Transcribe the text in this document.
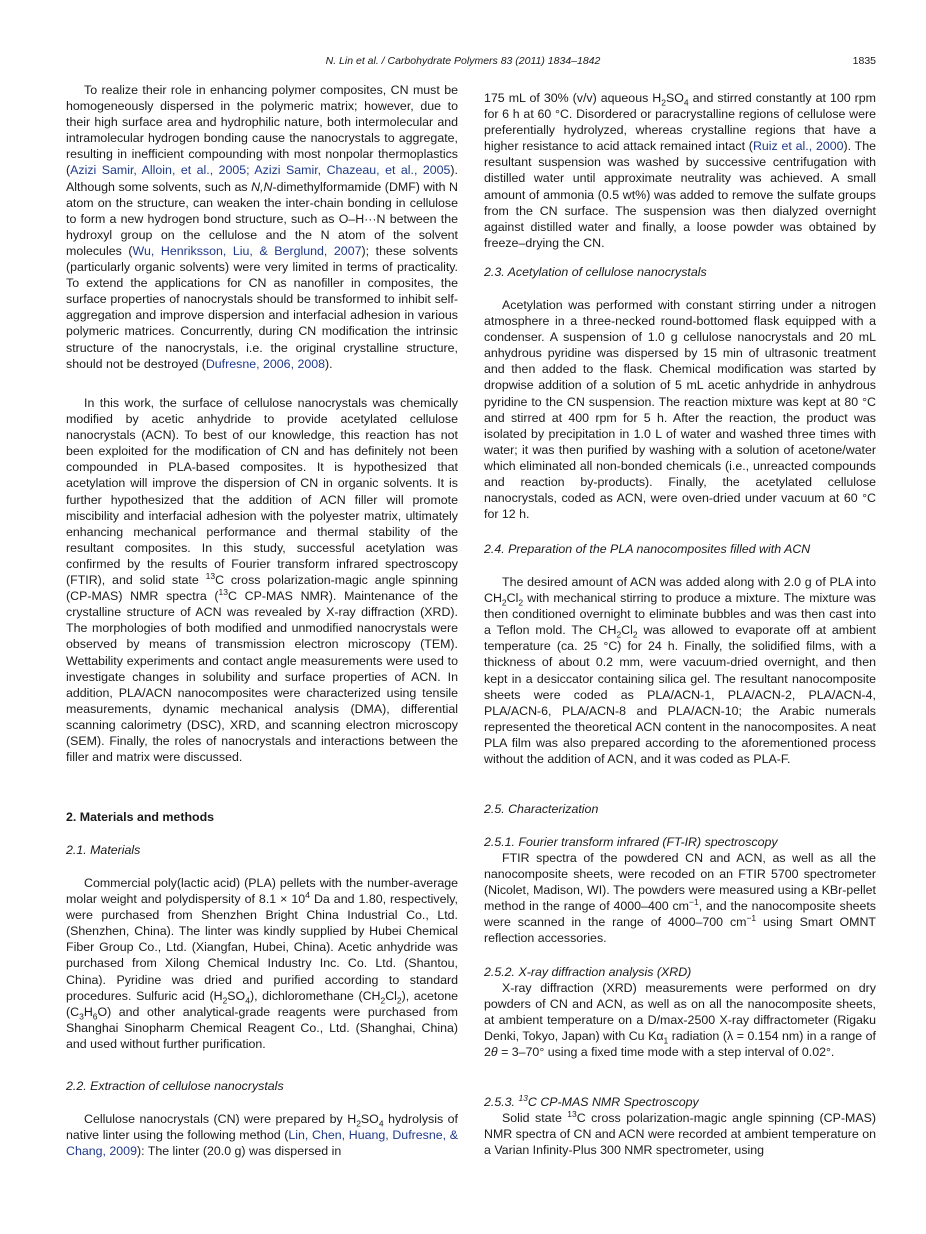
N. Lin et al. / Carbohydrate Polymers 83 (2011) 1834–1842	1835

To realize their role in enhancing polymer composites, CN must be homogeneously dispersed in the polymeric matrix; however, due to their high surface area and hydrophilic nature, both intermolecular and intramolecular hydrogen bonding cause the nanocrystals to aggregate, resulting in inefficient compounding with most nonpolar thermoplastics (Azizi Samir, Alloin, et al., 2005; Azizi Samir, Chazeau, et al., 2005). Although some solvents, such as N,N-dimethylformamide (DMF) with N atom on the structure, can weaken the inter-chain bonding in cellulose to form a new hydrogen bond structure, such as O–H···N between the hydroxyl group on the cellulose and the N atom of the solvent molecules (Wu, Henriksson, Liu, & Berglund, 2007); these solvents (particularly organic solvents) were very limited in terms of practicality. To extend the applications for CN as nanofiller in composites, the surface properties of nanocrystals should be transformed to inhibit self-aggregation and improve dispersion and interfacial adhesion in various polymeric matrices. Concurrently, during CN modification the intrinsic structure of the nanocrystals, i.e. the original crystalline structure, should not be destroyed (Dufresne, 2006, 2008).

In this work, the surface of cellulose nanocrystals was chemically modified by acetic anhydride to provide acetylated cellulose nanocrystals (ACN). To best of our knowledge, this reaction has not been exploited for the modification of CN and has definitely not been compounded in PLA-based composites. It is hypothesized that acetylation will improve the dispersion of CN in organic solvents. It is further hypothesized that the addition of ACN filler will promote miscibility and interfacial adhesion with the polyester matrix, ultimately enhancing mechanical performance and thermal stability of the resultant composites. In this study, successful acetylation was confirmed by the results of Fourier transform infrared spectroscopy (FTIR), and solid state $^{13}$C cross polarization-magic angle spinning (CP-MAS) NMR spectra ($^{13}$C CP-MAS NMR). Maintenance of the crystalline structure of ACN was revealed by X-ray diffraction (XRD). The morphologies of both modified and unmodified nanocrystals were observed by means of transmission electron microscopy (TEM). Wettability experiments and contact angle measurements were used to investigate changes in solubility and surface properties of ACN. In addition, PLA/ACN nanocomposites were characterized using tensile measurements, dynamic mechanical analysis (DMA), differential scanning calorimetry (DSC), XRD, and scanning electron microscopy (SEM). Finally, the roles of nanocrystals and interactions between the filler and matrix were discussed.

2. Materials and methods
2.1. Materials

Commercial poly(lactic acid) (PLA) pellets with the number-average molar weight and polydispersity of $8.1 \times 10^4$ Da and 1.80, respectively, were purchased from Shenzhen Bright China Industrial Co., Ltd. (Shenzhen, China). The linter was kindly supplied by Hubei Chemical Fiber Group Co., Ltd. (Xiangfan, Hubei, China). Acetic anhydride was purchased from Xilong Chemical Industry Inc. Co. Ltd. (Shantou, China). Pyridine was dried and purified according to standard procedures. Sulfuric acid $(H_2SO_4)$, dichloromethane $(CH_2Cl_2)$, acetone $(C_3H_6O)$ and other analytical-grade reagents were purchased from Shanghai Sinopharm Chemical Reagent Co., Ltd. (Shanghai, China) and used without further purification.

2.2. Extraction of cellulose nanocrystals

Cellulose nanocrystals (CN) were prepared by $H_2SO_4$ hydrolysis of native linter using the following method (Lin, Chen, Huang, Dufresne, & Chang, 2009): The linter (20.0 g) was dispersed in

175 mL of 30% (v/v) aqueous $H_2SO_4$ and stirred constantly at 100 rpm for 6 h at 60 °C. Disordered or paracrystalline regions of cellulose were preferentially hydrolyzed, whereas crystalline regions that have a higher resistance to acid attack remained intact (Ruiz et al., 2000). The resultant suspension was washed by successive centrifugation with distilled water until approximate neutrality was achieved. A small amount of ammonia (0.5 wt%) was added to remove the sulfate groups from the CN surface. The suspension was then dialyzed overnight against distilled water and finally, a loose powder was obtained by freeze–drying the CN.

2.3. Acetylation of cellulose nanocrystals

Acetylation was performed with constant stirring under a nitrogen atmosphere in a three-necked round-bottomed flask equipped with a condenser. A suspension of 1.0 g cellulose nanocrystals and 20 mL anhydrous pyridine was dispersed by 15 min of ultrasonic treatment and then added to the flask. Chemical modification was started by dropwise addition of a solution of 5 mL acetic anhydride in anhydrous pyridine to the CN suspension. The reaction mixture was kept at 80 °C and stirred at 400 rpm for 5 h. After the reaction, the product was isolated by precipitation in 1.0 L of water and washed three times with water; it was then purified by washing with a solution of acetone/water which eliminated all non-bonded chemicals (i.e., unreacted compounds and reaction by-products). Finally, the acetylated cellulose nanocrystals, coded as ACN, were oven-dried under vacuum at 60 °C for 12 h.

2.4. Preparation of the PLA nanocomposites filled with ACN

The desired amount of ACN was added along with 2.0 g of PLA into $CH_2Cl_2$ with mechanical stirring to produce a mixture. The mixture was then conditioned overnight to eliminate bubbles and was then cast into a Teflon mold. The $CH_2Cl_2$ was allowed to evaporate off at ambient temperature (ca. 25 °C) for 24 h. Finally, the solidified films, with a thickness of about 0.2 mm, were vacuum-dried overnight, and then kept in a desiccator containing silica gel. The resultant nanocomposite sheets were coded as PLA/ACN-1, PLA/ACN-2, PLA/ACN-4, PLA/ACN-6, PLA/ACN-8 and PLA/ACN-10; the Arabic numerals represented the theoretical ACN content in the nanocomposites. A neat PLA film was also prepared according to the aforementioned process without the addition of ACN, and it was coded as PLA-F.

2.5. Characterization
2.5.1. Fourier transform infrared (FT-IR) spectroscopy

FTIR spectra of the powdered CN and ACN, as well as all the nanocomposite sheets, were recoded on an FTIR 5700 spectrometer (Nicolet, Madison, WI). The powders were measured using a KBr-pellet method in the range of 4000–400 $cm^{-1}$, and the nanocomposite sheets were scanned in the range of 4000–700 $cm^{-1}$ using Smart OMNT reflection accessories.

2.5.2. X-ray diffraction analysis (XRD)

X-ray diffraction (XRD) measurements were performed on dry powders of CN and ACN, as well as on all the nanocomposite sheets, at ambient temperature on a D/max-2500 X-ray diffractometer (Rigaku Denki, Tokyo, Japan) with Cu $K\alpha_1$ radiation (λ = 0.154 nm) in a range of 2θ = 3–70° using a fixed time mode with a step interval of 0.02°.

2.5.3. $^{13}$C CP-MAS NMR Spectroscopy

Solid state $^{13}$C cross polarization-magic angle spinning (CP-MAS) NMR spectra of CN and ACN were recorded at ambient temperature on a Varian Infinity-Plus 300 NMR spectrometer, using
